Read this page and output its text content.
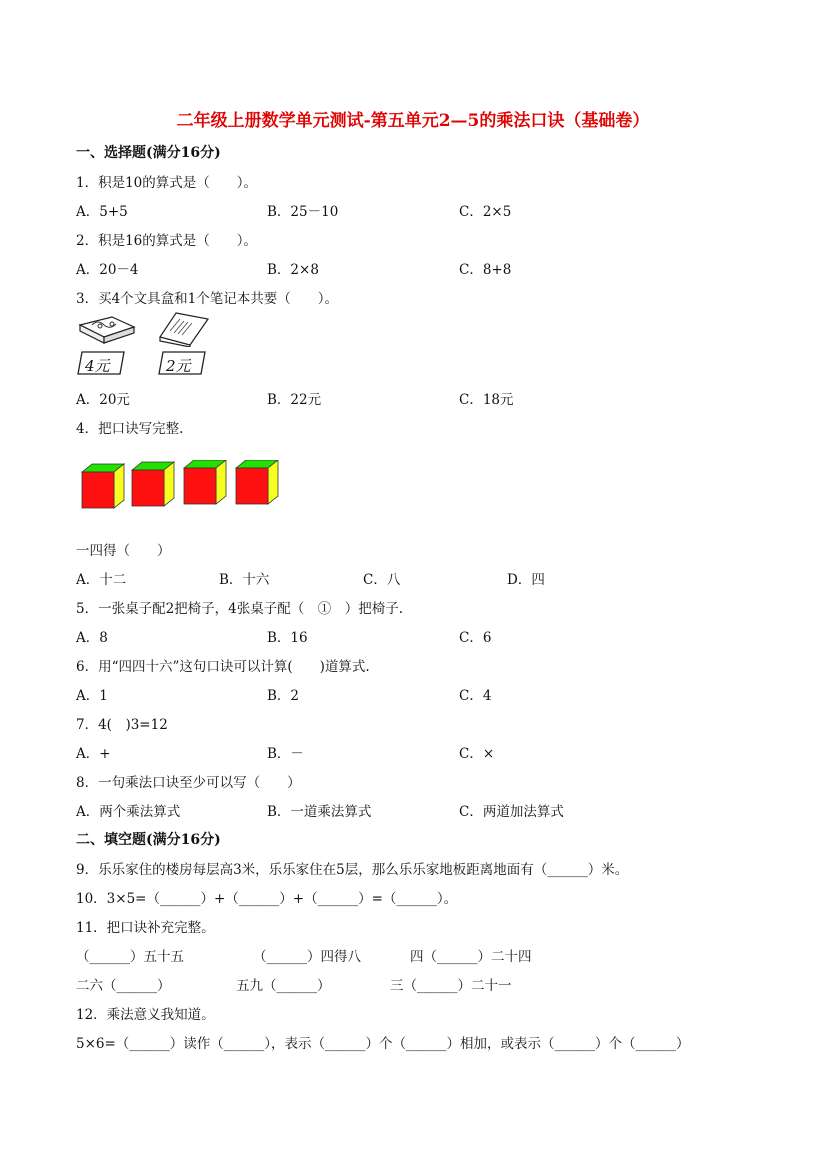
二年级上册数学单元测试-第五单元2—5的乘法口诀（基础卷）
一、选择题(满分16分)
1．积是10的算式是（　　）。
A．5+5	B．25－10	C．2×5
2．积是16的算式是（　　）。
A．20－4	B．2×8	C．8+8
3．买4个文具盒和1个笔记本共要（　　）。
4元	2元
A．20元	B．22元	C．18元
4．把口诀写完整.
一四得（　　）
A．十二	B．十六	C．八	D．四
5．一张桌子配2把椅子，4张桌子配（　①　）把椅子.
A．8	B．16	C．6
6．用“四四十六”这句口诀可以计算(　　)道算式.
A．1	B．2	C．4
7．4(　)3=12
A．+	B．－	C．×
8．一句乘法口诀至少可以写（　　）
A．两个乘法算式	B．一道乘法算式	C．两道加法算式
二、填空题(满分16分)
9．乐乐家住的楼房每层高3米，乐乐家住在5层，那么乐乐家地板距离地面有（______）米。
10．3×5=（______）+（______）+（______）=（______）。
11．把口诀补充完整。
（______）五十五	（______）四得八	四（______）二十四
二六（______）	五九（______）	三（______）二十一
12．乘法意义我知道。
5×6=（______）读作（______），表示（______）个（______）相加，或表示（______）个（______）
